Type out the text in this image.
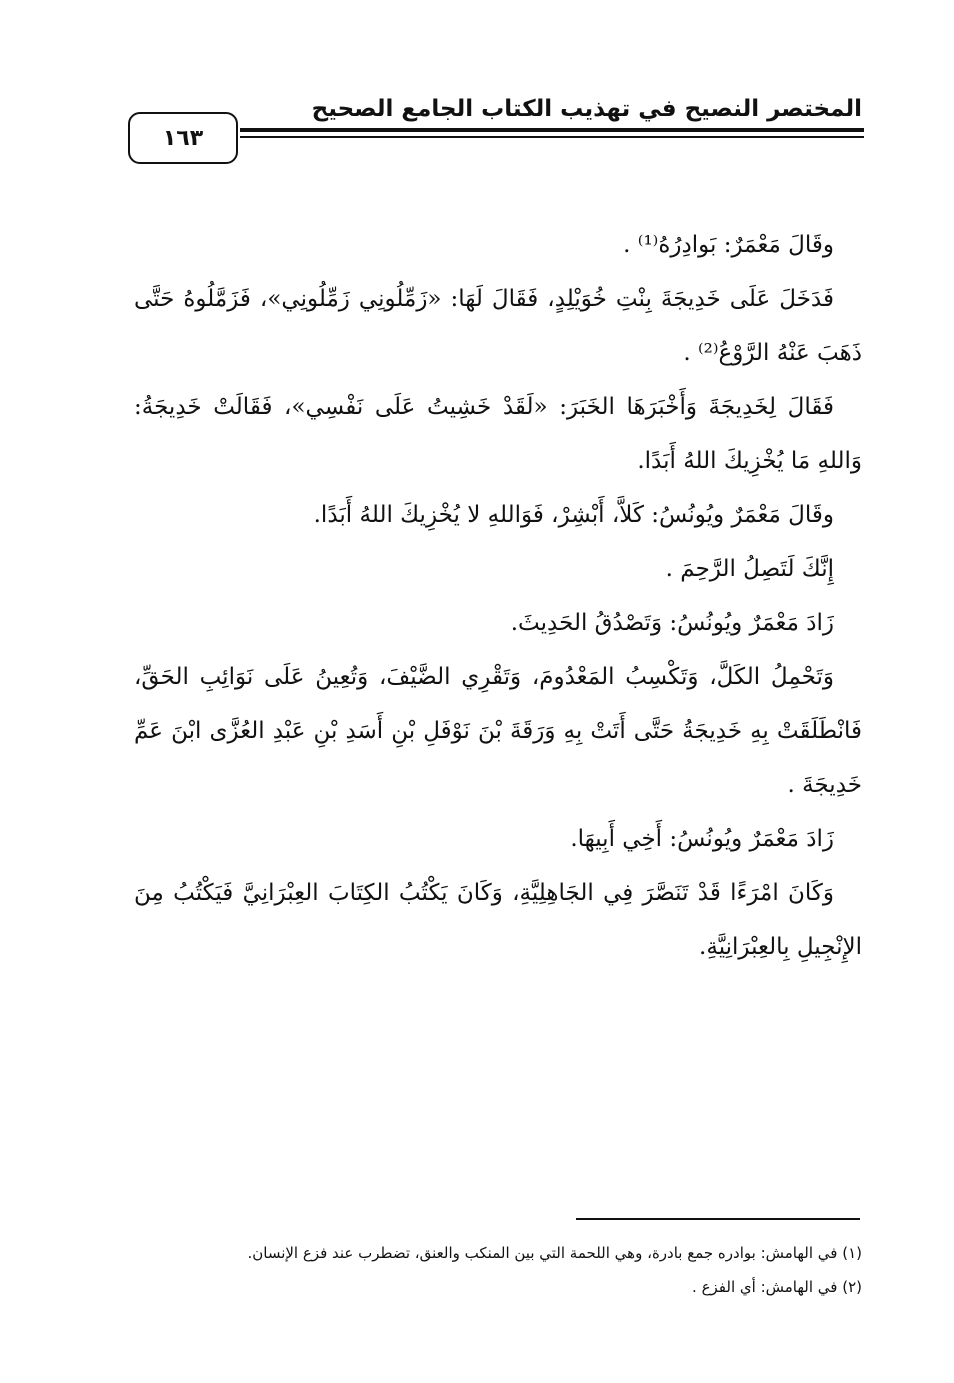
المختصر النصيح في تهذيب الكتاب الجامع الصحيح
١٦٣

وقَالَ مَعْمَرٌ: بَوادِرُهُ⁽¹⁾ .

فَدَخَلَ عَلَى خَدِيجَةَ بِنْتِ خُوَيْلِدٍ، فَقَالَ لَهَا: «زَمِّلُونِي زَمِّلُونِي»، فَزَمَّلُوهُ حَتَّى ذَهَبَ عَنْهُ الرَّوْعُ⁽²⁾ .

فَقَالَ لِخَدِيجَةَ وَأَخْبَرَهَا الخَبَرَ: «لَقَدْ خَشِيتُ عَلَى نَفْسِي»، فَقَالَتْ خَدِيجَةُ: وَاللهِ مَا يُخْزِيكَ اللهُ أَبَدًا.

وقَالَ مَعْمَرٌ ويُونُسُ: كَلاَّ، أَبْشِرْ، فَوَاللهِ لا يُخْزِيكَ اللهُ أَبَدًا.

إِنَّكَ لَتَصِلُ الرَّحِمَ .

زَادَ مَعْمَرٌ ويُونُسُ: وَتَصْدُقُ الحَدِيثَ.

وَتَحْمِلُ الكَلَّ، وَتَكْسِبُ المَعْدُومَ، وَتَقْرِي الضَّيْفَ، وَتُعِينُ عَلَى نَوَائِبِ الحَقِّ، فَانْطَلَقَتْ بِهِ خَدِيجَةُ حَتَّى أَتَتْ بِهِ وَرَقَةَ بْنَ نَوْفَلِ بْنِ أَسَدِ بْنِ عَبْدِ العُزَّى ابْنَ عَمِّ خَدِيجَةَ .

زَادَ مَعْمَرٌ ويُونُسُ: أَخِي أَبِيهَا.

وَكَانَ امْرَءًا قَدْ تَنَصَّرَ فِي الجَاهِلِيَّةِ، وَكَانَ يَكْتُبُ الكِتَابَ العِبْرَانِيَّ فَيَكْتُبُ مِنَ الإِنْجِيلِ بِالعِبْرَانِيَّةِ.

(١) في الهامش: بوادره جمع بادرة، وهي اللحمة التي بين المنكب والعنق، تضطرب عند فزع الإنسان.
(٢) في الهامش: أي الفزع .
